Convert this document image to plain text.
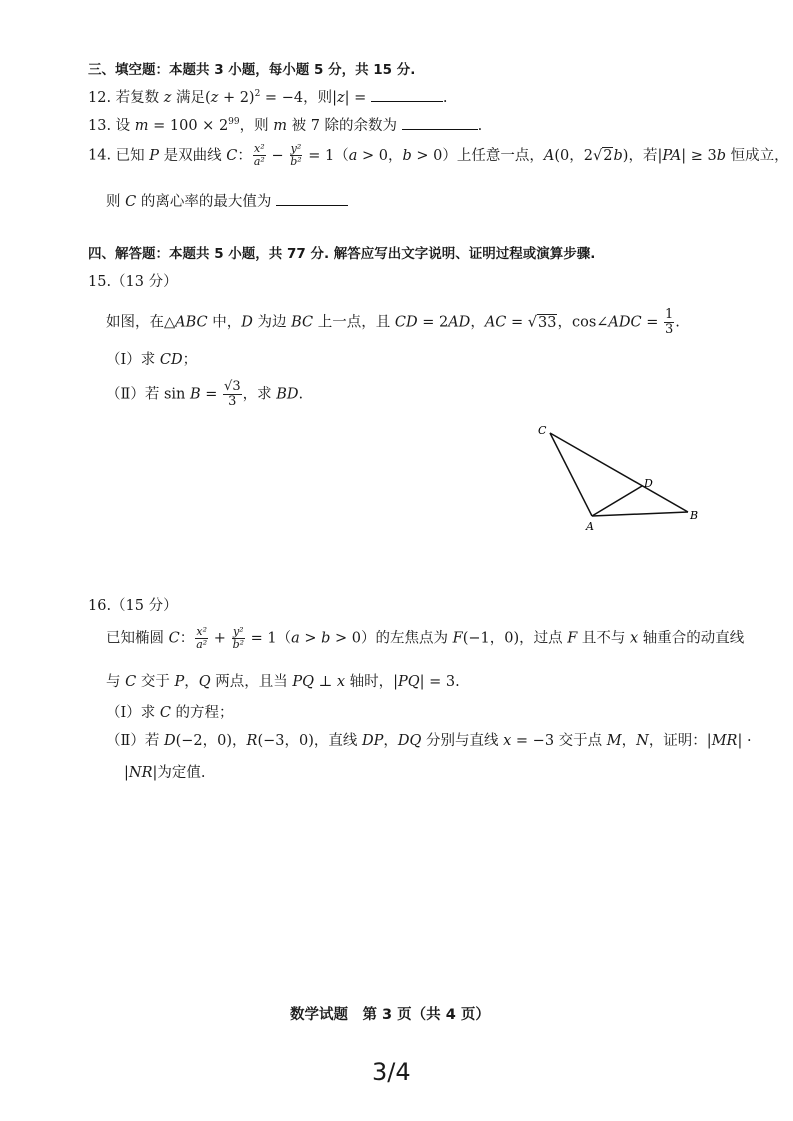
三、填空题：本题共 3 小题，每小题 5 分，共 15 分.
12. 若复数 z 满足$(z + 2)^2 = -4$，则|z| =	.
13. 设 $m = 100 \times 2^{99}$，则 m 被 7 除的余数为	.
14. 已知 P 是双曲线 C： $\frac{\text{x²}}{\text{a²}} - \frac{\text{y²}}{\text{b²}} = 1(a > 0$，b > 0）上任意一点，A(0，2√2b)，若|PA| ≥ 3b 恒成立，
则 C 的离心率的最大值为
四、解答题：本题共 5 小题，共 77 分. 解答应写出文字说明、证明过程或演算步骤.
15.（13 分）
如图，在△ABC 中，D 为边 BC 上一点，且 CD = 2AD，AC = √33，cos∠ADC = $\frac{1}{3}$ .
（Ⅰ）求 CD；
（Ⅱ）若 $\sin B = \frac{√3}{3}$ ，求 BD.
C
D
A
B
16.（15 分）
已知椭圆 C： $\frac{\text{x²}}{\text{a²}} + \frac{\text{y²}}{\text{b²}} = 1(a > b > 0)$的左焦点为 F(−1，0)，过点 F 且不与 x 轴重合的动直线
与 C 交于 P，Q 两点，且当 PQ ⊥ x 轴时，|PQ| = 3.
（Ⅰ）求 C 的方程；
（Ⅱ）若 D(−2，0)，R(−3，0)，直线 DP，DQ 分别与直线 x = −3 交于点 M，N，证明：|MR| ·
|NR|为定值.
数学试题　第 3 页（共 4 页）
3/4
